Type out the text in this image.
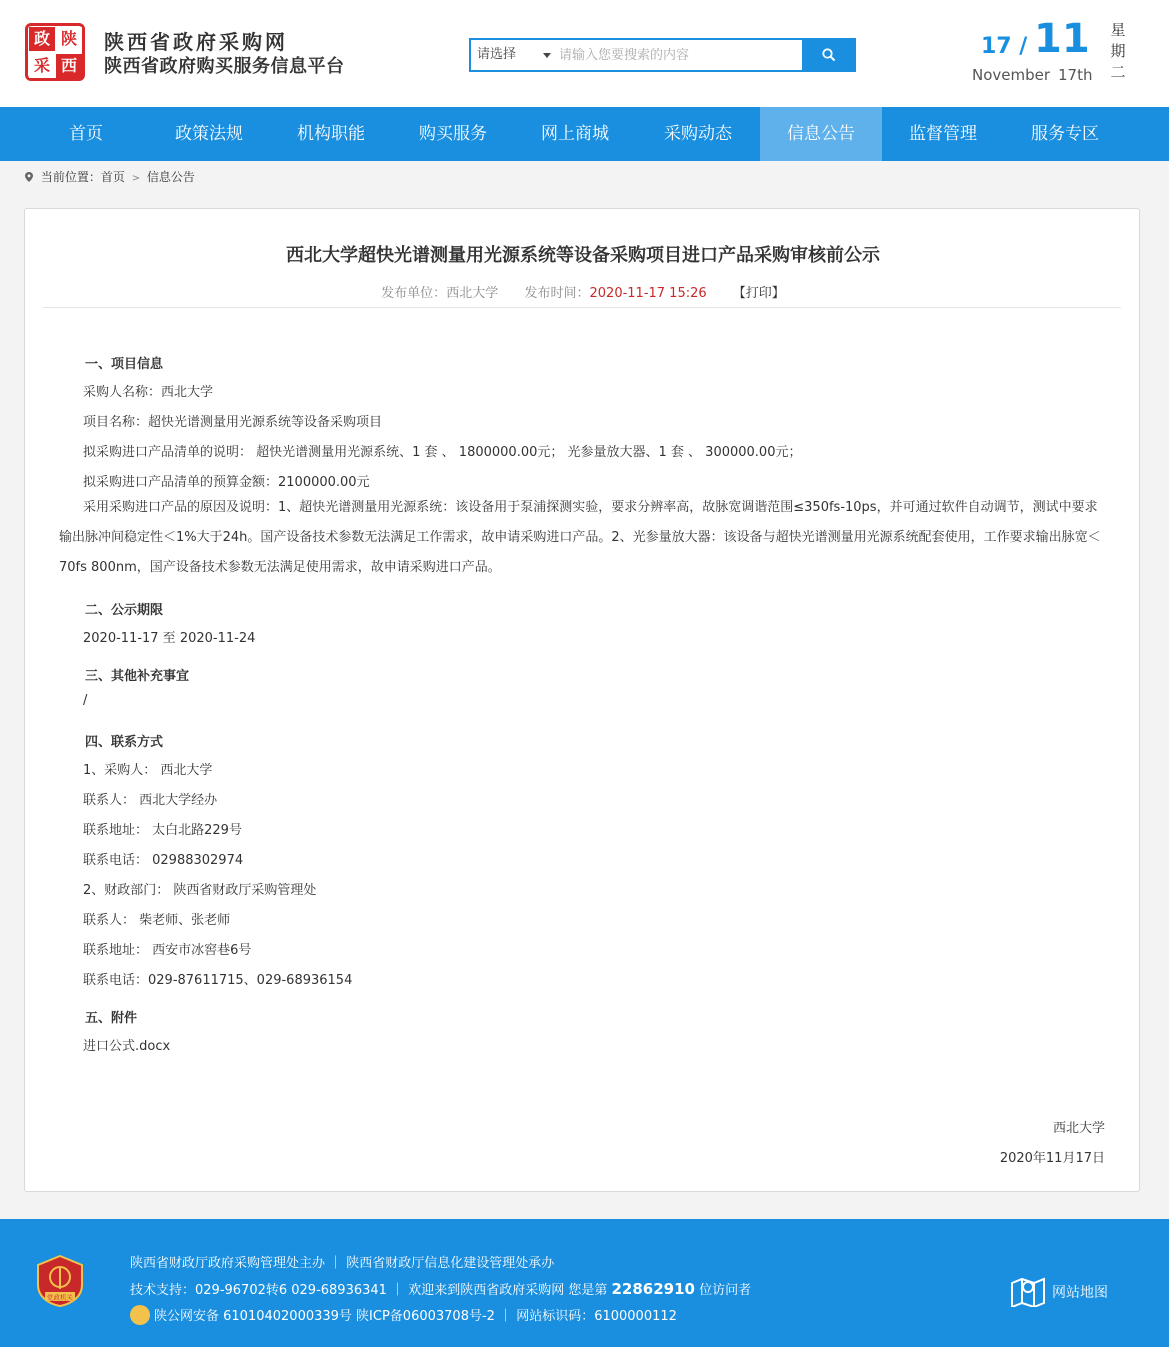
政 陕
采 西
陕西省政府采购网
陕西省政府购买服务信息平台
请选择
请输入您要搜索的内容	17 / 11
November 17th
星
期
二
首页	政策法规	机构职能	购买服务	网上商城	采购动态	信息公告	监督管理	服务专区
当前位置：首页 > 信息公告
西北大学超快光谱测量用光源系统等设备采购项目进口产品采购审核前公示
发布单位：西北大学 发布时间：2020-11-17 15:26 【打印】
一、项目信息
采购人名称：西北大学
项目名称：超快光谱测量用光源系统等设备采购项目
拟采购进口产品清单的说明： 超快光谱测量用光源系统、1 套 、 1800000.00元； 光参量放大器、1 套 、 300000.00元；
拟采购进口产品清单的预算金额：2100000.00元
采用采购进口产品的原因及说明：1、超快光谱测量用光源系统：该设备用于泵浦探测实验，要求分辨率高，故脉宽调谐范围≤350fs-10ps，并可通过软件自动调节，测试中要求输出脉冲间稳定性＜1%大于24h。国产设备技术参数无法满足工作需求，故申请采购进口产品。2、光参量放大器：该设备与超快光谱测量用光源系统配套使用，工作要求输出脉宽＜70fs 800nm，国产设备技术参数无法满足使用需求，故申请采购进口产品。
二、公示期限
2020-11-17 至 2020-11-24
三、其他补充事宜
/
四、联系方式
1、采购人： 西北大学
联系人： 西北大学经办
联系地址： 太白北路229号
联系电话： 02988302974
2、财政部门： 陕西省财政厅采购管理处
联系人： 柴老师、张老师
联系地址： 西安市冰窖巷6号
联系电话：029-87611715、029-68936154
五、附件
进口公式.docx
西北大学
2020年11月17日
党政机关
陕西省财政厅政府采购管理处主办 ｜ 陕西省财政厅信息化建设管理处承办
技术支持：029-96702转6 029-68936341 ｜ 欢迎来到陕西省政府采购网 您是第 22862910 位访问者
陕公网安备 61010402000339号 陕ICP备06003708号-2 ｜ 网站标识码：6100000112
网站地图
